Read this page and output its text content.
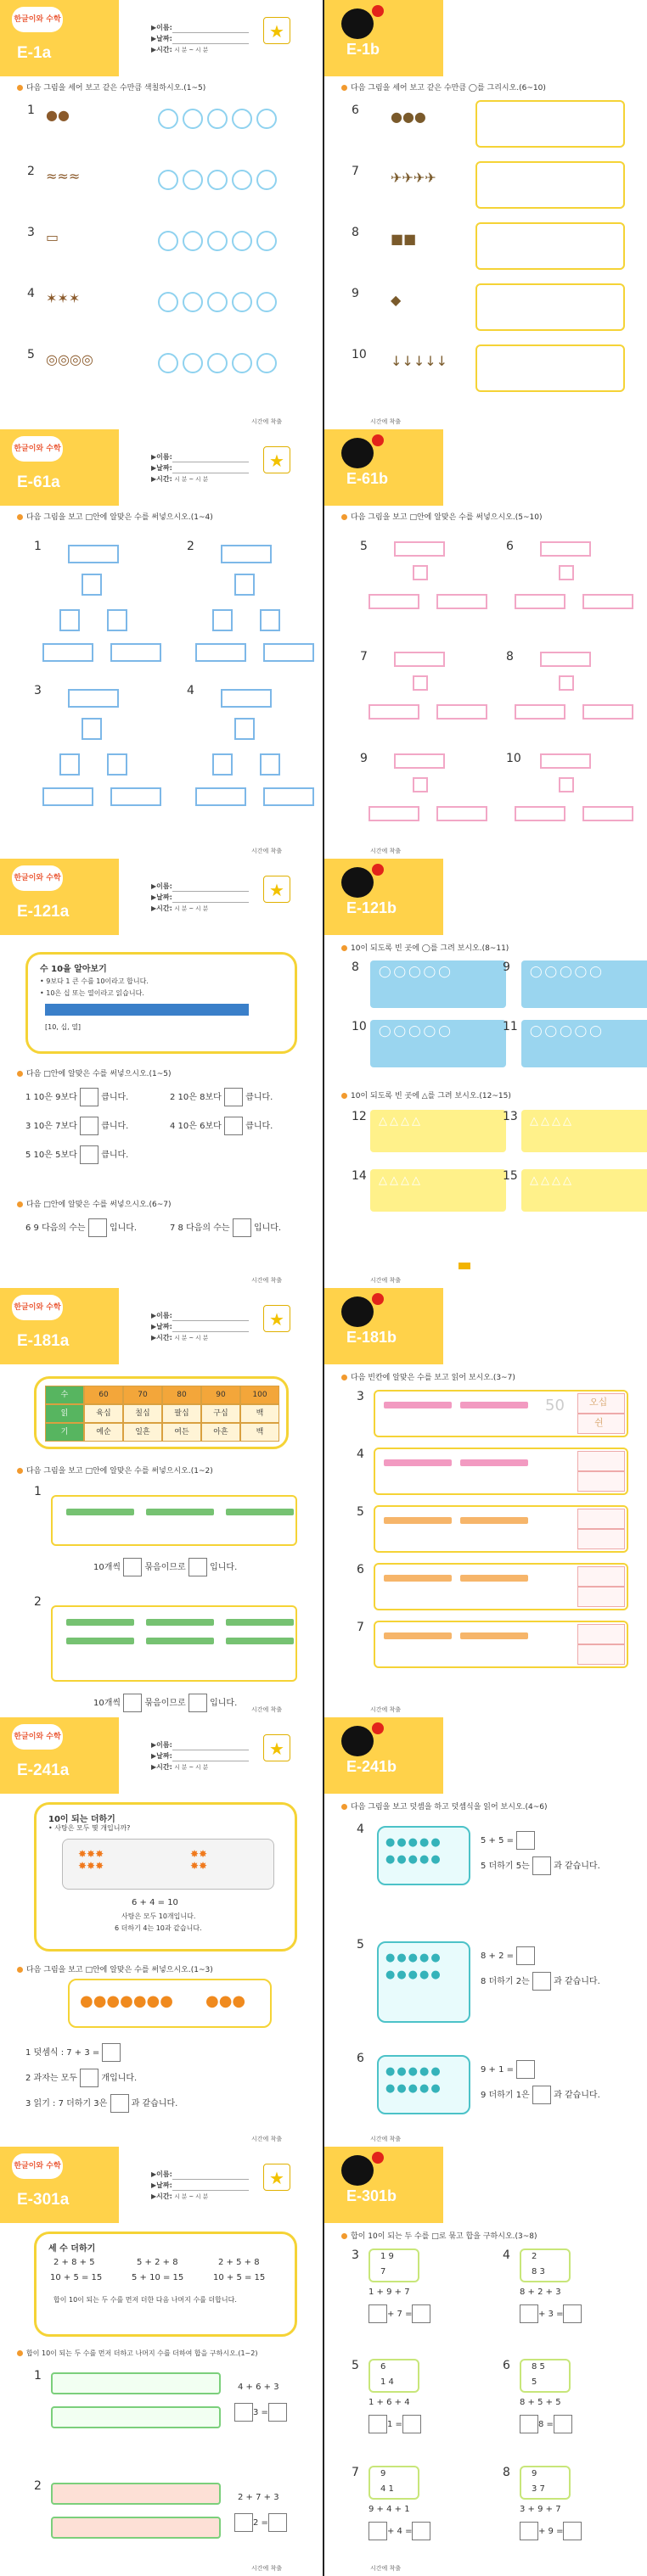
한글이와 수학
E-1a
▶이름:
▶날짜:
▶시간: 시 분 ~ 시 분
★
E-1b
다음 그림을 세어 보고 같은 수만큼 색칠하시오.(1~5)	다음 그림을 세어 보고 같은 수만큼 ◯를 그리시오.(6~10)
1 ●●	6 ●●●
2 ≈≈≈	7 ✈✈✈✈
3 ▭	8 ■■
4 ✶✶✶	9 ◆
5 ◎◎◎◎	10 ↓↓↓↓↓
시간에 착출	시간에 착출
한글이와 수학
E-61a
▶이름:
▶날짜:
▶시간: 시 분 ~ 시 분
★
E-61b
다음 그림을 보고 □안에 알맞은 수를 써넣으시오.(1~4)	다음 그림을 보고 □안에 알맞은 수를 써넣으시오.(5~10)
1	2
3	4
5	6
7	8
9	10
시간에 착출	시간에 착출
한글이와 수학
E-121a
▶이름:
▶날짜:
▶시간: 시 분 ~ 시 분
★
E-121b
수 10을 알아보기
• 9보다 1 큰 수를 10이라고 합니다.
• 10은 십 또는 열이라고 읽습니다.
[10, 십, 열]
다음 □안에 알맞은 수를 써넣으시오.(1~5)
1 10은 9보다	큽니다.	2 10은 8보다	큽니다.
3 10은 7보다	큽니다.	4 10은 6보다	큽니다.
5 10은 5보다	큽니다.
다음 □안에 알맞은 수를 써넣으시오.(6~7)
6 9 다음의 수는	입니다.	7 8 다음의 수는	입니다.
10이 되도록 빈 곳에 ◯를 그려 보시오.(8~11)
10이 되도록 빈 곳에 △를 그려 보시오.(12~15)
8	◯◯◯◯◯	9	◯◯◯◯◯
10	◯◯◯◯◯	11	◯◯◯◯◯
12	△△△△	13	△△△△
14	△△△△	15	△△△△
시간에 착출	시간에 착출
한글이와 수학
E-181a
▶이름:
▶날짜:
▶시간: 시 분 ~ 시 분
★
E-181b
수	60	70	80	90	100
읽	육십	칠십	팔십	구십	백
기	예순	일흔	여든	아흔	백
다음 그림을 보고 □안에 알맞은 수를 써넣으시오.(1~2)
1
10개씩	묶음이므로	입니다.
2
10개씩	묶음이므로	입니다.
다음 빈칸에 알맞은 수를 보고 읽어 보시오.(3~7)
3
4
5
6
7
50	오십
쉰
시간에 착출	시간에 착출
한글이와 수학
E-241a
▶이름:
▶날짜:
▶시간: 시 분 ~ 시 분
★
E-241b
10이 되는 더하기
• 사탕은 모두 몇 개입니까?
✸✸✸
✸✸✸
✸✸
✸✸
6 + 4 = 10
사탕은 모두 10개입니다.
6 더하기 4는 10과 같습니다.
다음 그림을 보고 □안에 알맞은 수를 써넣으시오.(1~3)
●●●●●●● ●●●
1 덧셈식 : 7 + 3 =
2 과자는 모두	개입니다.
3 읽기 : 7 더하기 3은	과 같습니다.
다음 그림을 보고 덧셈을 하고 덧셈식을 읽어 보시오.(4~6)
4
●●●●●
●●●●●
5 + 5 =
5 더하기 5는	과 같습니다.
5
●●●●●
●●●●●
8 + 2 =
8 더하기 2는	과 같습니다.
6
●●●●●
●●●●●
9 + 1 =
9 더하기 1은	과 같습니다.
시간에 착출	시간에 착출
한글이와 수학
E-301a
▶이름:
▶날짜:
▶시간: 시 분 ~ 시 분
★
E-301b
세 수 더하기
2 + 8 + 5
10 + 5 = 15
5 + 2 + 8
5 + 10 = 15
2 + 5 + 8
10 + 5 = 15
합이 10이 되는 두 수를 먼저 더한 다음 나머지 수를 더합니다.
합이 10이 되는 두 수를 먼저 더하고 나머지 수를 더하여 합을 구하시오.(1~2)
1
4 + 6 + 3
3 =
2
2 + 7 + 3
2 =
합이 10이 되는 두 수를 □로 묶고 합을 구하시오.(3~8)
3	1 9
7
1 + 9 + 7
+ 7 =
4	2
8 3
8 + 2 + 3
+ 3 =
5	6
1 4
1 + 6 + 4
1 =
6	8 5
5
8 + 5 + 5
8 =
7	9
4 1
9 + 4 + 1
+ 4 =
8	9
3 7
3 + 9 + 7
+ 9 =
시간에 착출	시간에 착출
